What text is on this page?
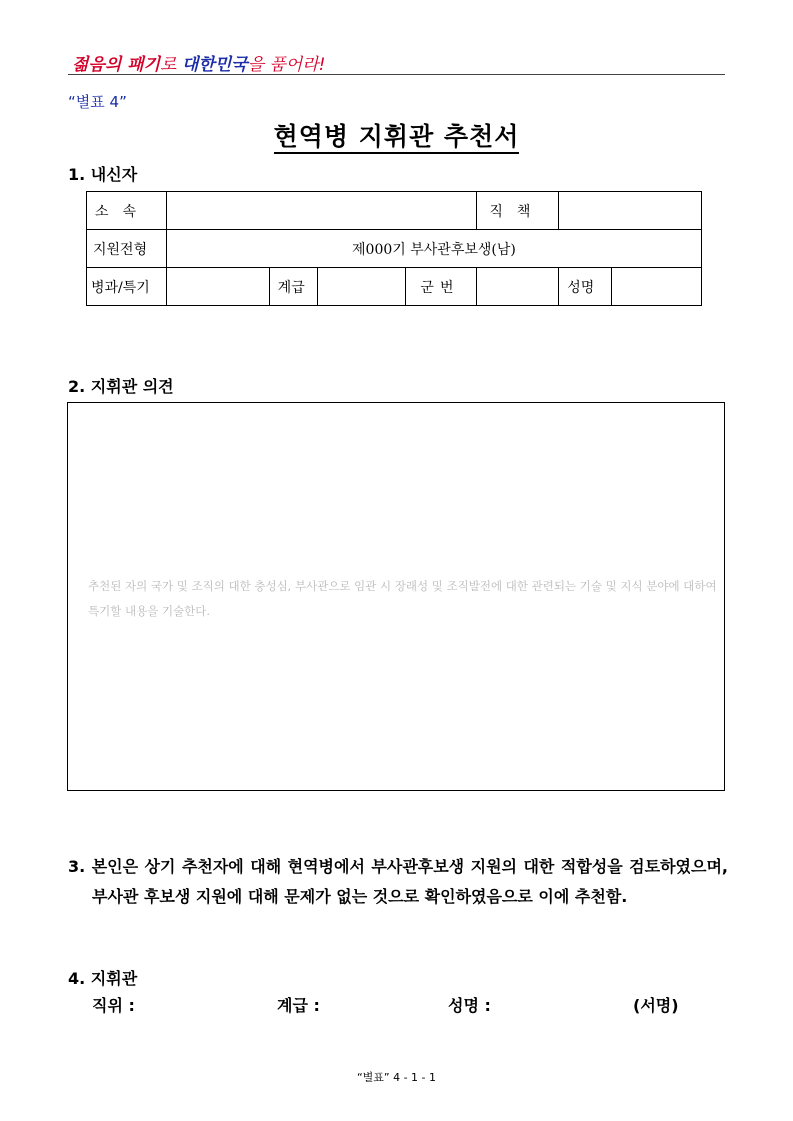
젊음의 패기로 대한민국을 품어라!
“별표 4”
현역병 지휘관 추천서
1. 내신자
소속					직책		
지원전형	제000기 부사관후보생(남)						
병과/특기		계급		군번		성명	
2. 지휘관 의견
추천된 자의 국가 및 조직의 대한 충성심, 부사관으로 임관 시 장래성 및 조직발전에 대한 관련되는 기술 및 지식 분야에 대하여 특기할 내용을 기술한다.
3. 본인은 상기 추천자에 대해 현역병에서 부사관후보생 지원의 대한 적합성을 검토하였으며, 부사관 후보생 지원에 대해 문제가 없는 것으로 확인하였음으로 이에 추천함.
4. 지휘관
직위 :	계급 :	성명 :	(서명)
“별표” 4 - 1 - 1
